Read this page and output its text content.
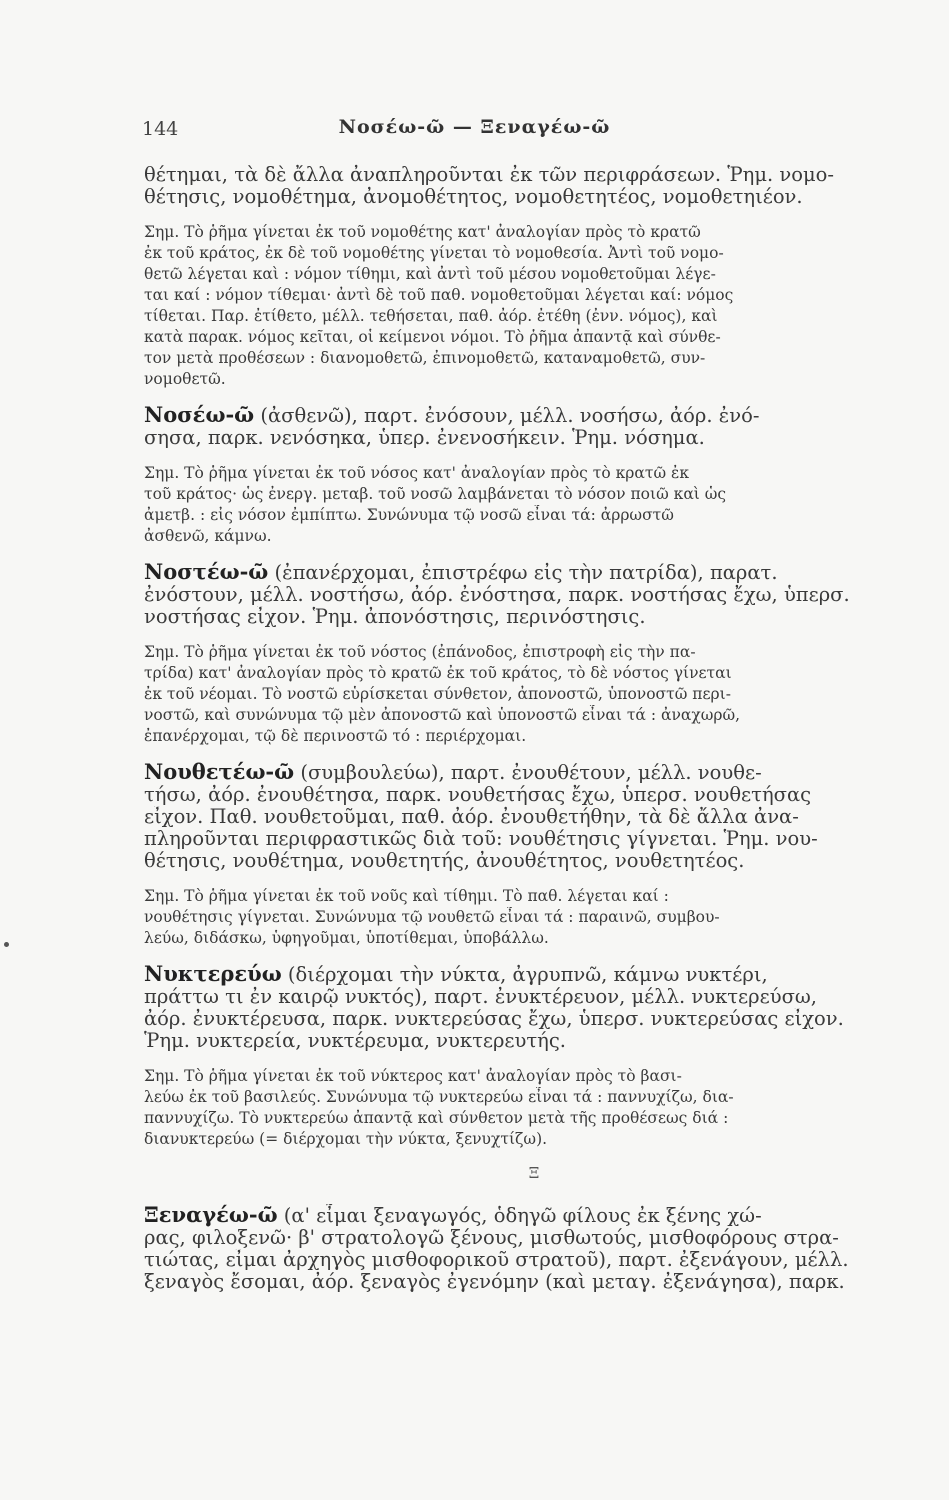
144	Νοσέω-ῶ — Ξεναγέω-ῶ
θέτημαι, τὰ δὲ ἄλλα ἀναπληροῦνται ἐκ τῶν περιφράσεων. Ῥημ. νομο-
θέτησις, νομοθέτημα, ἀνομοθέτητος, νομοθετητέος, νομοθετηιέον.
Σημ. Τὸ ῥῆμα γίνεται ἐκ τοῦ νομοθέτης κατ' ἀναλογίαν πρὸς τὸ κρατῶ
ἐκ τοῦ κράτος, ἐκ δὲ τοῦ νομοθέτης γίνεται τὸ νομοθεσία. Ἀντὶ τοῦ νομο-
θετῶ λέγεται καὶ : νόμον τίθημι, καὶ ἀντὶ τοῦ μέσου νομοθετοῦμαι λέγε-
ται καί : νόμον τίθεμαι· ἀντὶ δὲ τοῦ παθ. νομοθετοῦμαι λέγεται καί: νόμος
τίθεται. Παρ. ἐτίθετο, μέλλ. τεθήσεται, παθ. ἀόρ. ἐτέθη (ἐνν. νόμος), καὶ
κατὰ παρακ. νόμος κεῖται, οἱ κείμενοι νόμοι. Τὸ ῥῆμα ἀπαντᾷ καὶ σύνθε-
τον μετὰ προθέσεων : διανομοθετῶ, ἐπινομοθετῶ, καταναμοθετῶ, συν-
νομοθετῶ.
Νοσέω-ῶ (ἀσθενῶ), παρτ. ἐνόσουν, μέλλ. νοσήσω, ἀόρ. ἐνό-
σησα, παρκ. νενόσηκα, ὑπερ. ἐνενοσήκειν. Ῥημ. νόσημα.
Σημ. Τὸ ῥῆμα γίνεται ἐκ τοῦ νόσος κατ' ἀναλογίαν πρὸς τὸ κρατῶ ἐκ
τοῦ κράτος· ὡς ἐνεργ. μεταβ. τοῦ νοσῶ λαμβάνεται τὸ νόσον ποιῶ καὶ ὡς
ἀμετβ. : εἰς νόσον ἐμπίπτω. Συνώνυμα τῷ νοσῶ εἶναι τά: ἀρρωστῶ
ἀσθενῶ, κάμνω.
Νοστέω-ῶ (ἐπανέρχομαι, ἐπιστρέφω εἰς τὴν πατρίδα), παρατ.
ἐνόστουν, μέλλ. νοστήσω, ἀόρ. ἐνόστησα, παρκ. νοστήσας ἔχω, ὑπερσ.
νοστήσας εἶχον. Ῥημ. ἀπονόστησις, περινόστησις.
Σημ. Τὸ ῥῆμα γίνεται ἐκ τοῦ νόστος (ἐπάνοδος, ἐπιστροφὴ εἰς τὴν πα-
τρίδα) κατ' ἀναλογίαν πρὸς τὸ κρατῶ ἐκ τοῦ κράτος, τὸ δὲ νόστος γίνεται
ἐκ τοῦ νέομαι. Τὸ νοστῶ εὑρίσκεται σύνθετον, ἀπονοστῶ, ὑπονοστῶ περι-
νοστῶ, καὶ συνώνυμα τῷ μὲν ἀπονοστῶ καὶ ὑπονοστῶ εἶναι τά : ἀναχωρῶ,
ἐπανέρχομαι, τῷ δὲ περινοστῶ τό : περιέρχομαι.
Νουθετέω-ῶ (συμβουλεύω), παρτ. ἐνουθέτουν, μέλλ. νουθε-
τήσω, ἀόρ. ἐνουθέτησα, παρκ. νουθετήσας ἔχω, ὑπερσ. νουθετήσας
εἶχον. Παθ. νουθετοῦμαι, παθ. ἀόρ. ἐνουθετήθην, τὰ δὲ ἄλλα ἀνα-
πληροῦνται περιφραστικῶς διὰ τοῦ: νουθέτησις γίγνεται. Ῥημ. νου-
θέτησις, νουθέτημα, νουθετητής, ἀνουθέτητος, νουθετητέος.
Σημ. Τὸ ῥῆμα γίνεται ἐκ τοῦ νοῦς καὶ τίθημι. Τὸ παθ. λέγεται καί :
νουθέτησις γίγνεται. Συνώνυμα τῷ νουθετῶ εἶναι τά : παραινῶ, συμβου-
λεύω, διδάσκω, ὑφηγοῦμαι, ὑποτίθεμαι, ὑποβάλλω.
Νυκτερεύω (διέρχομαι τὴν νύκτα, ἀγρυπνῶ, κάμνω νυκτέρι,
πράττω τι ἐν καιρῷ νυκτός), παρτ. ἐνυκτέρευον, μέλλ. νυκτερεύσω,
ἀόρ. ἐνυκτέρευσα, παρκ. νυκτερεύσας ἔχω, ὑπερσ. νυκτερεύσας εἶχον.
Ῥημ. νυκτερεία, νυκτέρευμα, νυκτερευτής.
Σημ. Τὸ ῥῆμα γίνεται ἐκ τοῦ νύκτερος κατ' ἀναλογίαν πρὸς τὸ βασι-
λεύω ἐκ τοῦ βασιλεύς. Συνώνυμα τῷ νυκτερεύω εἶναι τά : παννυχίζω, δια-
παννυχίζω. Τὸ νυκτερεύω ἀπαντᾷ καὶ σύνθετον μετὰ τῆς προθέσεως διά :
διανυκτερεύω (= διέρχομαι τὴν νύκτα, ξενυχτίζω).
Ξ
Ξεναγέω-ῶ (α' εἶμαι ξεναγωγός, ὁδηγῶ φίλους ἐκ ξένης χώ-
ρας, φιλοξενῶ· β' στρατολογῶ ξένους, μισθωτούς, μισθοφόρους στρα-
τιώτας, εἶμαι ἀρχηγὸς μισθοφορικοῦ στρατοῦ), παρτ. ἐξενάγουν, μέλλ.
ξεναγὸς ἔσομαι, ἀόρ. ξεναγὸς ἐγενόμην (καὶ μεταγ. ἐξενάγησα), παρκ.
